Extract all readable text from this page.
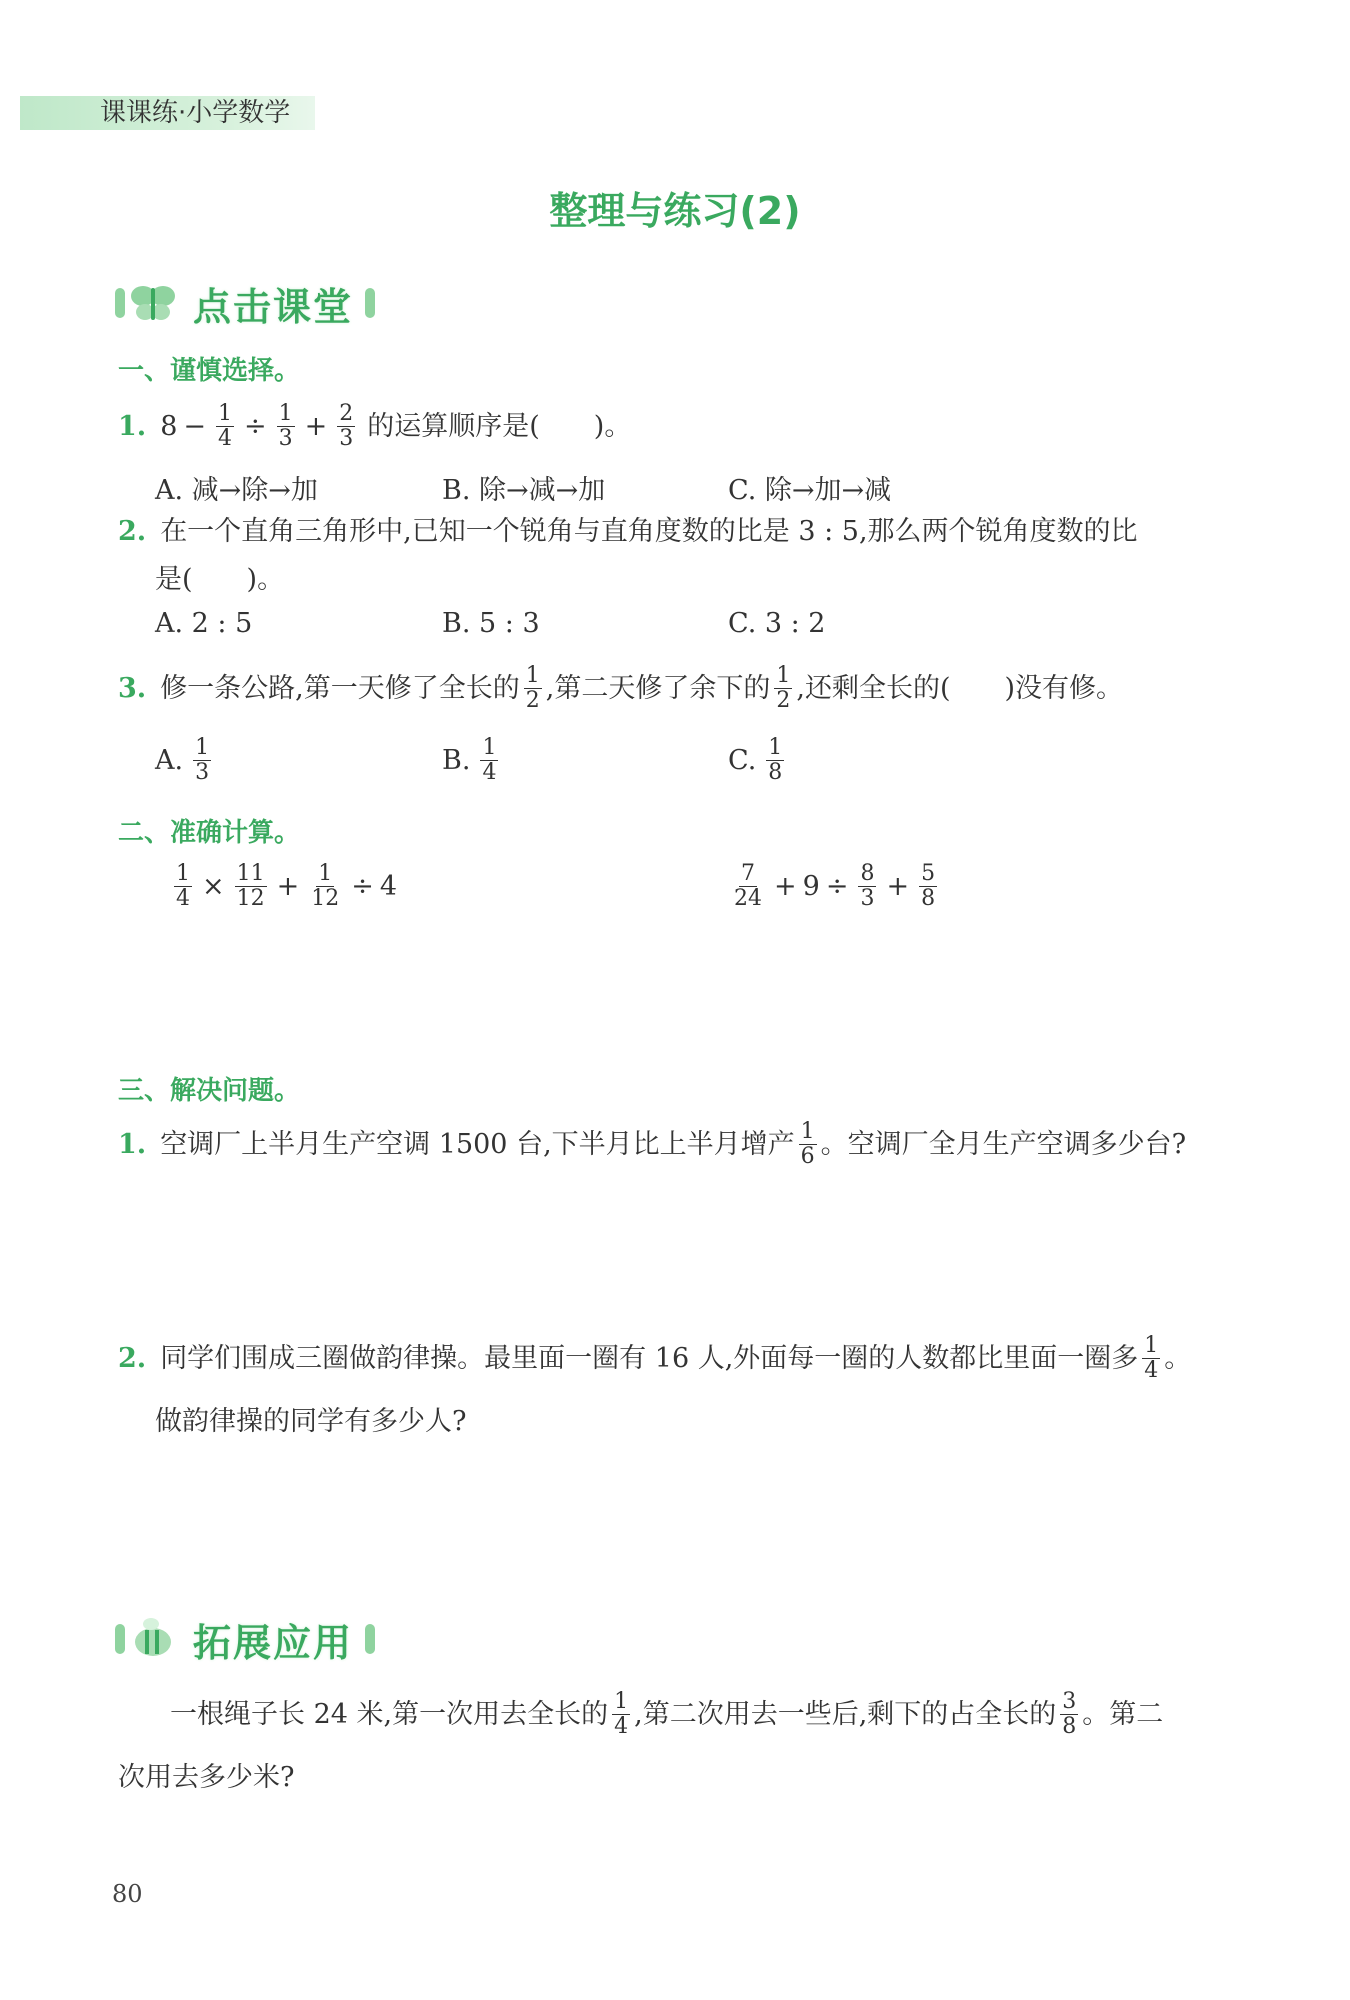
课课练·小学数学
整理与练习(2)
点击课堂
一、谨慎选择。
1. $8 - \frac{1}{4} \div \frac{1}{3} + \frac{2}{3}$ 的运算顺序是(　　)。
A. 减→除→加	B. 除→减→加	C. 除→加→减
2. 在一个直角三角形中,已知一个锐角与直角度数的比是 3 : 5,那么两个锐角度数的比
是(　　)。
A. 2 : 5	B. 5 : 3	C. 3 : 2
3. 修一条公路,第一天修了全长的 $\frac{1}{2}$ ,第二天修了余下的 $\frac{1}{2}$ ,还剩全长的(　　)没有修。
A. $\frac{1}{3}$	B. $\frac{1}{4}$	C. $\frac{1}{8}$
二、准确计算。
$\frac{1}{4} \times \frac{11}{12} + \frac{1}{12} \div 4$	$\frac{7}{24} + 9 \div \frac{8}{3} + \frac{5}{8}$
三、解决问题。
1. 空调厂上半月生产空调 1500 台,下半月比上半月增产 $\frac{1}{6}$ 。空调厂全月生产空调多少台?
2. 同学们围成三圈做韵律操。最里面一圈有 16 人,外面每一圈的人数都比里面一圈多 $\frac{1}{4}$ 。
做韵律操的同学有多少人?
拓展应用
一根绳子长 24 米,第一次用去全长的 $\frac{1}{4}$ ,第二次用去一些后,剩下的占全长的 $\frac{3}{8}$ 。第二
次用去多少米?
80
